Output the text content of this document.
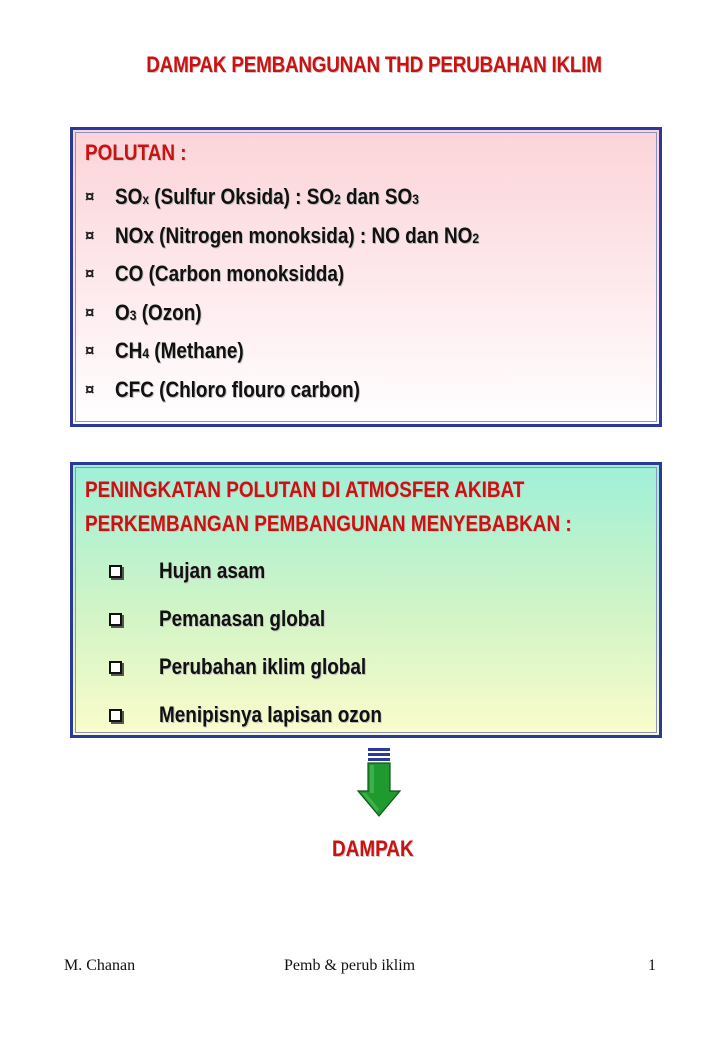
DAMPAK PEMBANGUNAN THD PERUBAHAN IKLIM
POLUTAN :
¤ SOx (Sulfur Oksida) : SO2 dan SO3
¤ NOx (Nitrogen monoksida) : NO dan NO2
¤ CO (Carbon monoksidda)
¤ O3 (Ozon)
¤ CH4 (Methane)
¤ CFC (Chloro flouro carbon)
PENINGKATAN POLUTAN DI ATMOSFER AKIBAT
PERKEMBANGAN PEMBANGUNAN MENYEBABKAN :
Hujan asam
Pemanasan global
Perubahan iklim global
Menipisnya lapisan ozon
DAMPAK
M. Chanan	Pemb & perub iklim	1
